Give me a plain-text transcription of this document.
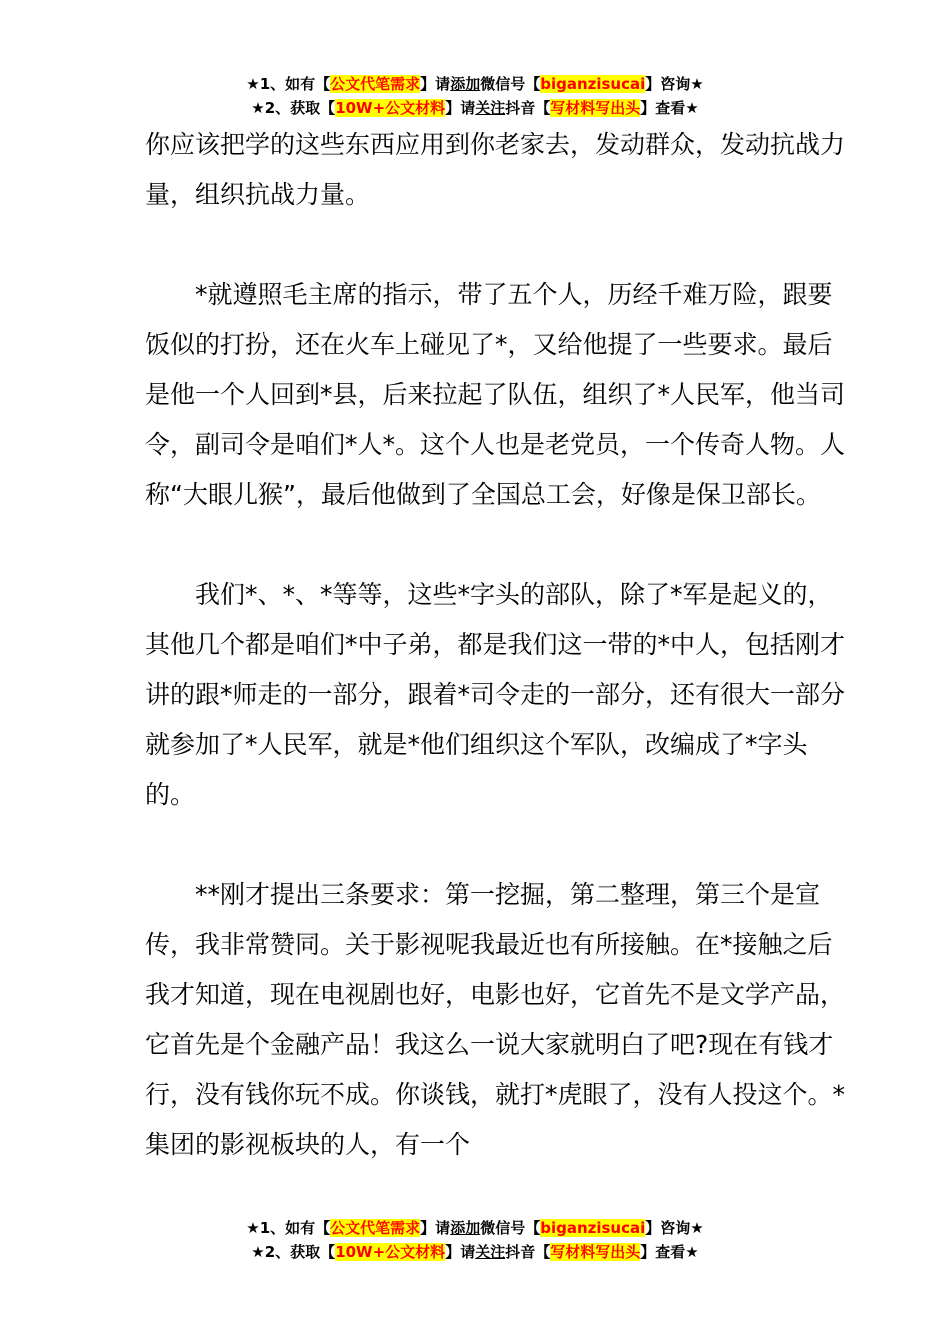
★1、如有【公文代笔需求】请添加微信号【biganzisucai】咨询★
★2、获取【10W+公文材料】请关注抖音【写材料写出头】查看★

你应该把学的这些东西应用到你老家去，发动群众，发动抗战力量，组织抗战力量。

*就遵照毛主席的指示，带了五个人，历经千难万险，跟要饭似的打扮，还在火车上碰见了*，又给他提了一些要求。最后是他一个人回到*县，后来拉起了队伍，组织了*人民军，他当司令，副司令是咱们*人*。这个人也是老党员，一个传奇人物。人称“大眼儿猴”，最后他做到了全国总工会，好像是保卫部长。

我们*、*、*等等，这些*字头的部队，除了*军是起义的，其他几个都是咱们*中子弟，都是我们这一带的*中人，包括刚才讲的跟*师走的一部分，跟着*司令走的一部分，还有很大一部分就参加了*人民军，就是*他们组织这个军队，改编成了*字头的。

**刚才提出三条要求：第一挖掘，第二整理，第三个是宣传，我非常赞同。关于影视呢我最近也有所接触。在*接触之后我才知道，现在电视剧也好，电影也好，它首先不是文学产品，它首先是个金融产品！我这么一说大家就明白了吧?现在有钱才行，没有钱你玩不成。你谈钱，就打*虎眼了，没有人投这个。*集团的影视板块的人，有一个

★1、如有【公文代笔需求】请添加微信号【biganzisucai】咨询★
★2、获取【10W+公文材料】请关注抖音【写材料写出头】查看★
